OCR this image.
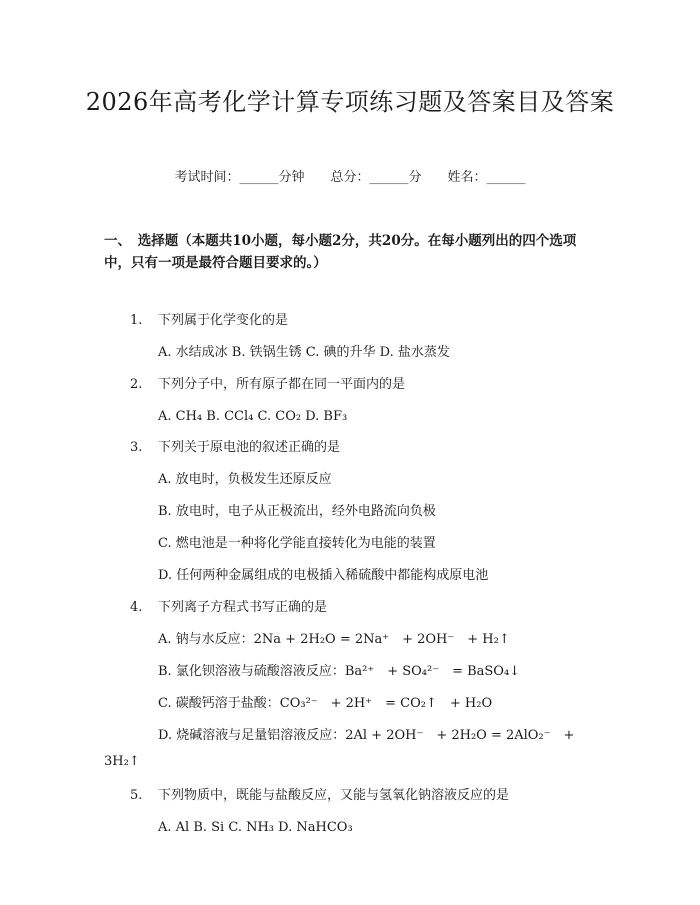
2026年高考化学计算专项练习题及答案目及答案
考试时间：______分钟　　总分：______分　　姓名：______
一、　选择题（本题共10小题，每小题2分，共20分。在每小题列出的四个选项中，只有一项是最符合题目要求的。）
1. 下列属于化学变化的是
A. 水结成冰 B. 铁锅生锈 C. 碘的升华 D. 盐水蒸发
2. 下列分子中，所有原子都在同一平面内的是
A. CH₄ B. CCl₄ C. CO₂ D. BF₃
3. 下列关于原电池的叙述正确的是
A. 放电时，负极发生还原反应
B. 放电时，电子从正极流出，经外电路流向负极
C. 燃电池是一种将化学能直接转化为电能的装置
D. 任何两种金属组成的电极插入稀硫酸中都能构成原电池
4. 下列离子方程式书写正确的是
A. 钠与水反应：2Na + 2H₂O = 2Na⁺　+ 2OH⁻　+ H₂↑
B. 氯化钡溶液与硫酸溶液反应：Ba²⁺　+ SO₄²⁻　= BaSO₄↓
C. 碳酸钙溶于盐酸：CO₃²⁻　+ 2H⁺　= CO₂↑　+ H₂O
D. 烧碱溶液与足量铝溶液反应：2Al + 2OH⁻　+ 2H₂O = 2AlO₂⁻　+
3H₂↑
5. 下列物质中，既能与盐酸反应，又能与氢氧化钠溶液反应的是
A. Al B. Si C. NH₃ D. NaHCO₃
